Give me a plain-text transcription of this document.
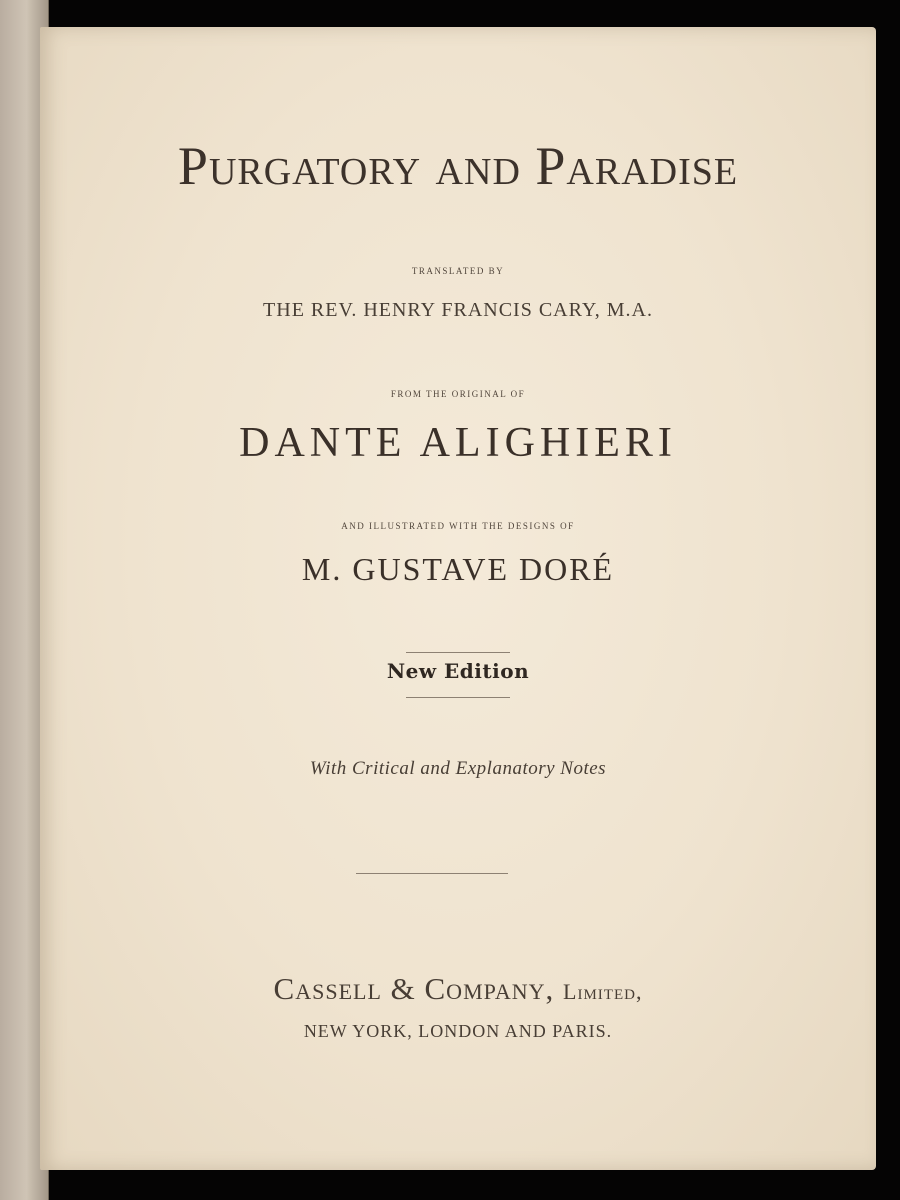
Purgatory and Paradise
TRANSLATED BY
THE REV. HENRY FRANCIS CARY, M.A.
FROM THE ORIGINAL OF
DANTE ALIGHIERI
AND ILLUSTRATED WITH THE DESIGNS OF
M. GUSTAVE DORÉ
New Edition
With Critical and Explanatory Notes
Cassell & Company, Limited,
NEW YORK, LONDON AND PARIS.
